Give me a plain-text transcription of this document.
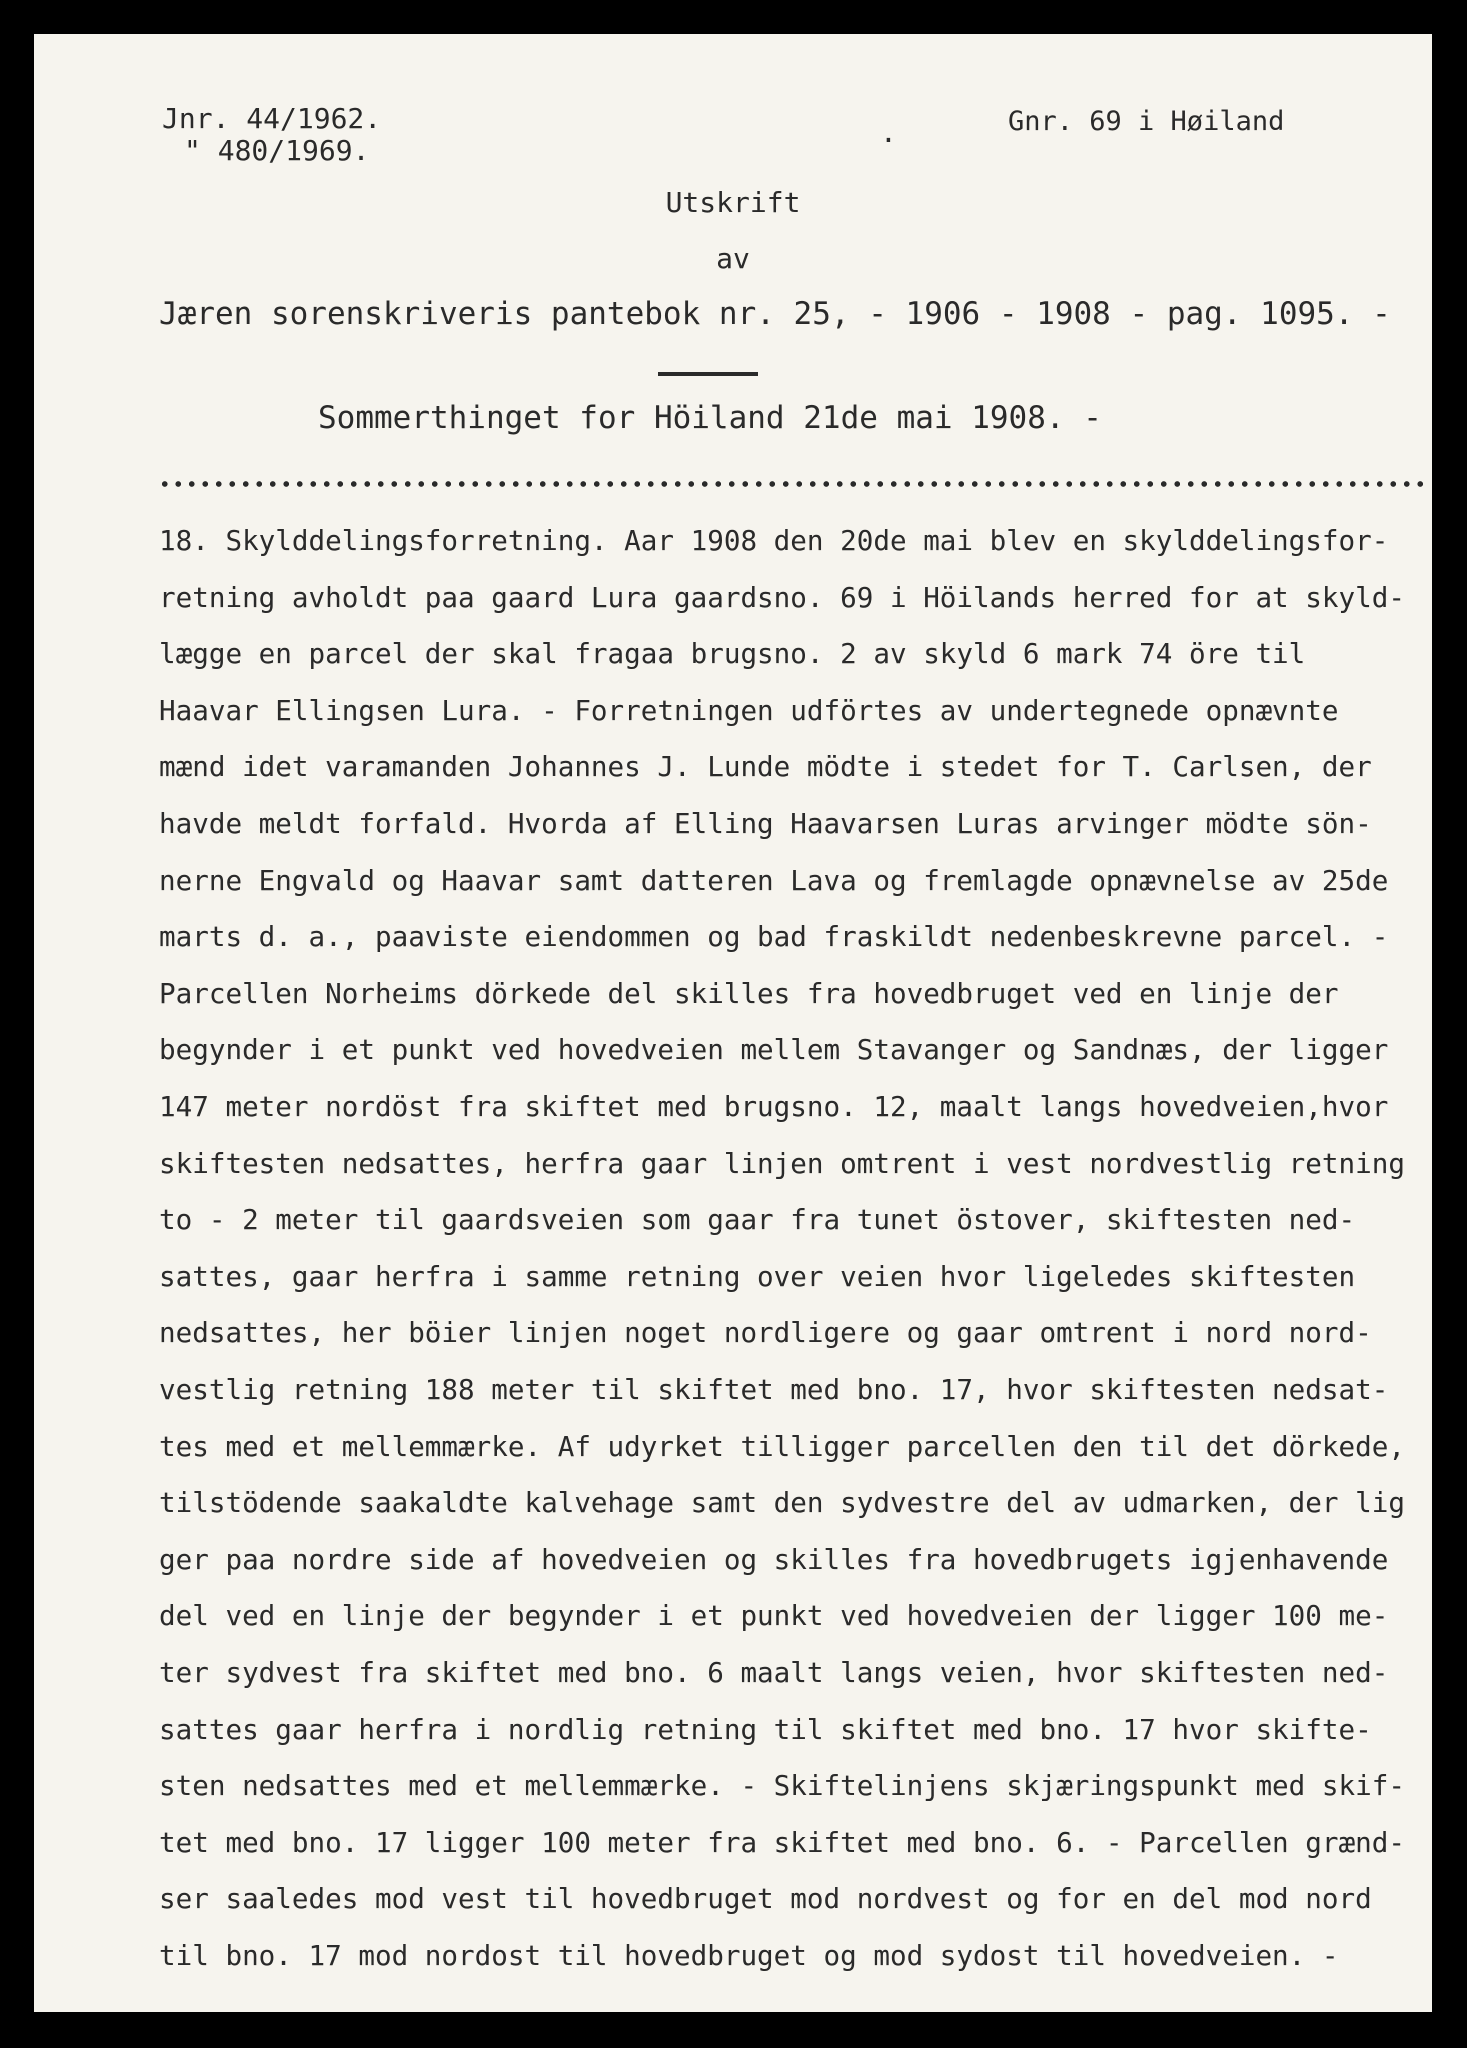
Jnr. 44/1962.
" 480/1969.
.	Gnr. 69 i Høiland
Utskrift
av
Jæren sorenskriveris pantebok nr. 25, - 1906 - 1908 - pag. 1095. -
Sommerthinget for Höiland 21de mai 1908. -
18. Skylddelingsforretning. Aar 1908 den 20de mai blev en skylddelingsfor-
retning avholdt paa gaard Lura gaardsno. 69 i Höilands herred for at skyld-
lægge en parcel der skal fragaa brugsno. 2 av skyld 6 mark 74 öre til
Haavar Ellingsen Lura. - Forretningen udförtes av undertegnede opnævnte
mænd idet varamanden Johannes J. Lunde mödte i stedet for T. Carlsen, der
havde meldt forfald. Hvorda af Elling Haavarsen Luras arvinger mödte sön-
nerne Engvald og Haavar samt datteren Lava og fremlagde opnævnelse av 25de
marts d. a., paaviste eiendommen og bad fraskildt nedenbeskrevne parcel. -
Parcellen Norheims dörkede del skilles fra hovedbruget ved en linje der
begynder i et punkt ved hovedveien mellem Stavanger og Sandnæs, der ligger
147 meter nordöst fra skiftet med brugsno. 12, maalt langs hovedveien,hvor
skiftesten nedsattes, herfra gaar linjen omtrent i vest nordvestlig retning
to - 2 meter til gaardsveien som gaar fra tunet östover, skiftesten ned-
sattes, gaar herfra i samme retning over veien hvor ligeledes skiftesten
nedsattes, her böier linjen noget nordligere og gaar omtrent i nord nord-
vestlig retning 188 meter til skiftet med bno. 17, hvor skiftesten nedsat-
tes med et mellemmærke. Af udyrket tilligger parcellen den til det dörkede,
tilstödende saakaldte kalvehage samt den sydvestre del av udmarken, der lig
ger paa nordre side af hovedveien og skilles fra hovedbrugets igjenhavende
del ved en linje der begynder i et punkt ved hovedveien der ligger 100 me-
ter sydvest fra skiftet med bno. 6 maalt langs veien, hvor skiftesten ned-
sattes gaar herfra i nordlig retning til skiftet med bno. 17 hvor skifte-
sten nedsattes med et mellemmærke. - Skiftelinjens skjæringspunkt med skif-
tet med bno. 17 ligger 100 meter fra skiftet med bno. 6. - Parcellen grænd-
ser saaledes mod vest til hovedbruget mod nordvest og for en del mod nord
til bno. 17 mod nordost til hovedbruget og mod sydost til hovedveien. -
